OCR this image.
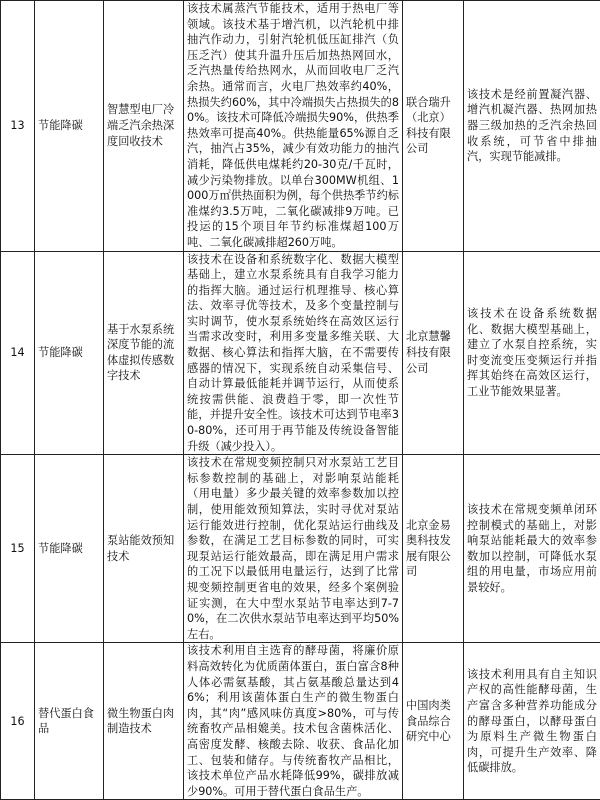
13	节能降碳	智慧型电厂冷端乏汽余热深度回收技术	该技术属蒸汽节能技术，适用于热电厂等领域。该技术基于增汽机，以汽轮机中排抽汽作动力，引射汽轮机低压缸排汽（负压乏汽）使其升温升压后加热热网回水，乏汽热量传给热网水，从而回收电厂乏汽余热。通常而言，火电厂热效率约40%，热损失约60%，其中冷端损失占热损失的80%。该技术可降低冷端损失90%，供热季热效率可提高40%。供热能量65%源自乏汽，抽汽占35%，减少有效功能力的抽汽消耗，降低供电煤耗约20-30克/千瓦时，减少污染物排放。以单台300MW机组、1000万㎡供热面积为例，每个供热季节约标准煤约3.5万吨，二氧化碳减排9万吨。已投运的15个项目年节约标准煤超100万吨、二氧化碳减排超260万吨。	联合瑞升（北京）科技有限公司	该技术是经前置凝汽器、增汽机凝汽器、热网加热器三级加热的乏汽余热回收系统，可节省中排抽汽，实现节能减排。
14	节能降碳	基于水泵系统深度节能的流体虚拟传感数字技术	该技术在设备和系统数字化、数据大模型基础上，建立水泵系统具有自我学习能力的指挥大脑。通过运行机理推导、核心算法、效率寻优等技术，及多个变量控制与实时调节，使水泵系统始终在高效区运行当需求改变时，利用多变量多维关联、大数据、核心算法和指挥大脑，在不需要传感器的情况下，实现系统自动采集信号、自动计算最低能耗并调节运行，从而使系统按需供能、浪费趋于零，即一次性节能，并提升安全性。该技术可达到节电率30-80%，还可用于再节能及传统设备智能升级（减少投入）。	北京慧馨科技有限公司	该技术在设备系统数据化、数据大模型基础上，建立了水泵自控系统，实时变流变压变频运行并指挥其始终在高效区运行，工业节能效果显著。
15	节能降碳	泵站能效预知技术	该技术在常规变频控制只对水泵站工艺目标参数控制的基础上，对影响泵站能耗（用电量）多少最关键的效率参数加以控制，使用能效预知算法，实时寻优对泵站运行能效进行控制，优化泵站运行曲线及参数，在满足工艺目标参数的同时，可实现泵站运行能效最高，即在满足用户需求的工况下以最低用电量运行，达到了比常规变频控制更省电的效果，经多个案例验证实测，在大中型水泵站节电率达到7-70%，在二次供水泵站节电率达到平均50%左右。	北京金易奥科技发展有限公司	该技术在常规变频单闭环控制模式的基础上，对影响泵站能耗最大的效率参数加以控制，可降低水泵组的用电量，市场应用前景较好。
16	替代蛋白食品	微生物蛋白肉制造技术	该技术利用自主选育的酵母菌，将廉价原料高效转化为优质菌体蛋白，蛋白富含8种人体必需氨基酸，其占氨基酸总量达到46%；利用该菌体蛋白生产的微生物蛋白肉，其“肉”感风味仿真度>80%，可与传统畜牧产品相媲美。技术包含菌株活化、高密度发酵、核酸去除、收获、食品化加工、包装和储存。与传统畜牧产品相比，该技术单位产品水耗降低99%，碳排放减少90%。可用于替代蛋白食品生产。	中国肉类食品综合研究中心	该技术利用具有自主知识产权的高性能酵母菌，生产富含多种营养功能成分的酵母蛋白，以酵母蛋白为原料生产微生物蛋白肉，可提升生产效率、降低碳排放。
